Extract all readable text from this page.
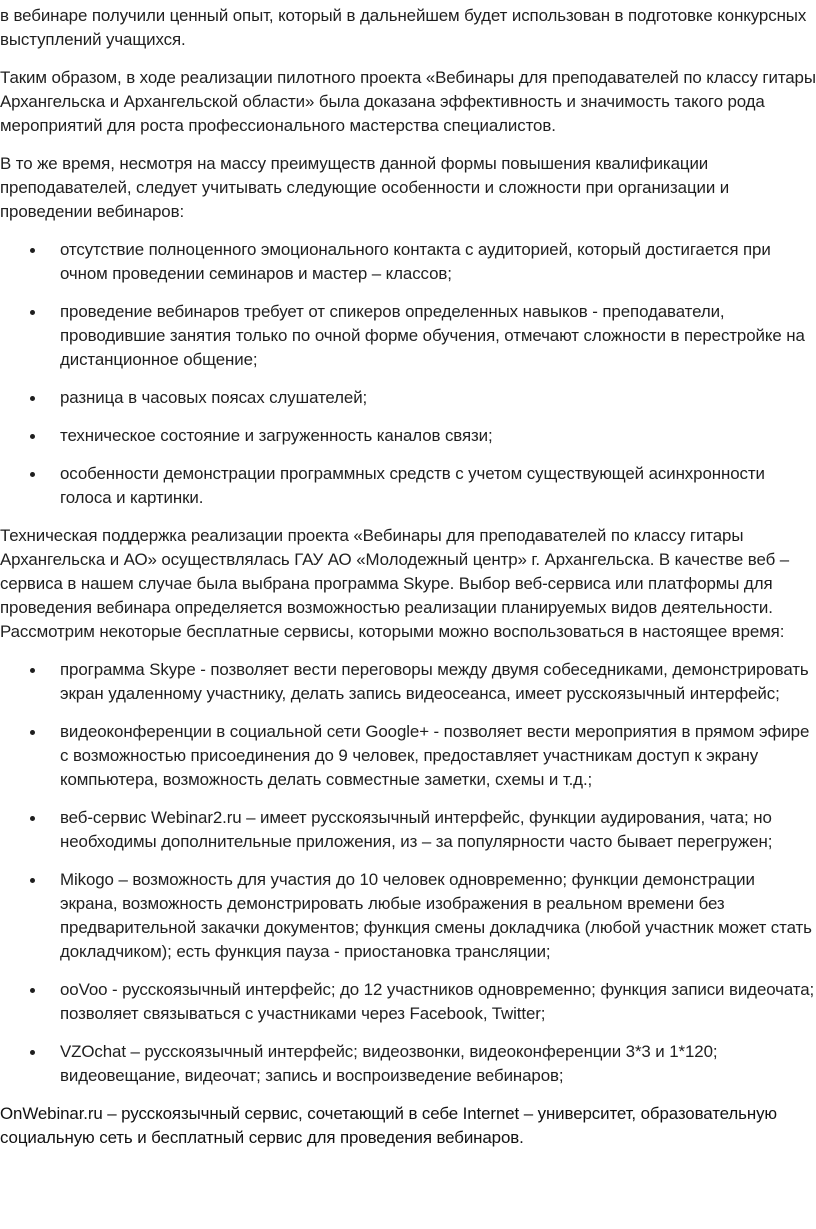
в вебинаре получили ценный опыт, который в дальнейшем будет использован в подготовке конкурсных выступлений учащихся.

Таким образом, в ходе реализации пилотного проекта «Вебинары для преподавателей по классу гитары Архангельска и Архангельской области» была доказана эффективность и значимость такого рода мероприятий для роста профессионального мастерства специалистов.

В то же время, несмотря на массу преимуществ данной формы повышения квалификации преподавателей, следует учитывать следующие особенности и сложности при организации и проведении вебинаров:

отсутствие полноценного эмоционального контакта с аудиторией, который достигается при очном проведении семинаров и мастер – классов;
проведение вебинаров требует от спикеров определенных навыков - преподаватели, проводившие занятия только по очной форме обучения, отмечают сложности в перестройке на дистанционное общение;
разница в часовых поясах слушателей;
техническое состояние и загруженность каналов связи;
особенности демонстрации программных средств с учетом существующей асинхронности голоса и картинки.

Техническая поддержка реализации проекта «Вебинары для преподавателей по классу гитары Архангельска и АО» осуществлялась ГАУ АО «Молодежный центр» г. Архангельска. В качестве веб – сервиса в нашем случае была выбрана программа Skype. Выбор веб-сервиса или платформы для проведения вебинара определяется возможностью реализации планируемых видов деятельности. Рассмотрим некоторые бесплатные сервисы, которыми можно воспользоваться в настоящее время:

программа Skype - позволяет вести переговоры между двумя собеседниками, демонстрировать экран удаленному участнику, делать запись видеосеанса, имеет русскоязычный интерфейс;
видеоконференции в социальной сети Google+ - позволяет вести мероприятия в прямом эфире с возможностью присоединения до 9 человек, предоставляет участникам доступ к экрану компьютера, возможность делать совместные заметки, схемы и т.д.;
веб-сервис Webinar2.ru – имеет русскоязычный интерфейс, функции аудирования, чата; но необходимы дополнительные приложения, из – за популярности часто бывает перегружен;
Mikogo – возможность для участия до 10 человек одновременно; функции демонстрации экрана, возможность демонстрировать любые изображения в реальном времени без предварительной закачки документов; функция смены докладчика (любой участник может стать докладчиком); есть функция пауза - приостановка трансляции;
ooVoo - русскоязычный интерфейс; до 12 участников одновременно; функция записи видеочата; позволяет связываться с участниками через Facebook, Twitter;
VZOchat – русскоязычный интерфейс; видеозвонки, видеоконференции 3*3 и 1*120; видеовещание, видеочат; запись и воспроизведение вебинаров;

OnWebinar.ru – русскоязычный сервис, сочетающий в себе Internet – университет, образовательную социальную сеть и бесплатный сервис для проведения вебинаров.
